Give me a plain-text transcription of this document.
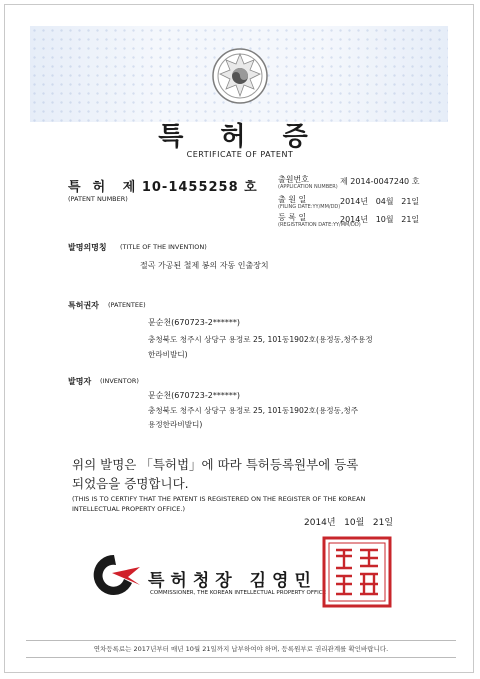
특 허 증
CERTIFICATE OF PATENT
특  허   제 10-1455258 호
(PATENT NUMBER)
출원번호
(APPLICATION NUMBER)
제 2014-0047240 호
출 원 일
(FILING DATE:YY/MM/DD)
2014년   04월   21일
등 록 일
(REGISTRATION DATE:YY/MM/DD)
2014년   10월   21일
발명의명칭 (TITLE OF THE INVENTION)
절곡 가공된 철제 봉의 자동 인출장치
특허권자 (PATENTEE)
문순천(670723-2******)
충청북도 청주시 상당구 용정로 25, 101동1902호(용정동,청주용정
한라비발디)
발명자 (INVENTOR)
문순천(670723-2******)
충청북도 청주시 상당구 용정로 25, 101동1902호(용정동,청주
용정한라비발디)
위의 발명은 「특허법」에 따라 특허등록원부에 등록
되었음을 증명합니다.
(THIS IS TO CERTIFY THAT THE PATENT IS REGISTERED ON THE REGISTER OF THE KOREAN
INTELLECTUAL PROPERTY OFFICE.)
2014년   10월   21일
특허청장 김영민
COMMISSIONER, THE KOREAN INTELLECTUAL PROPERTY OFFICE
연차등록료는 2017년부터 매년 10월 21일까지 납부하여야 하며, 등록원부로 권리관계를 확인바랍니다.
